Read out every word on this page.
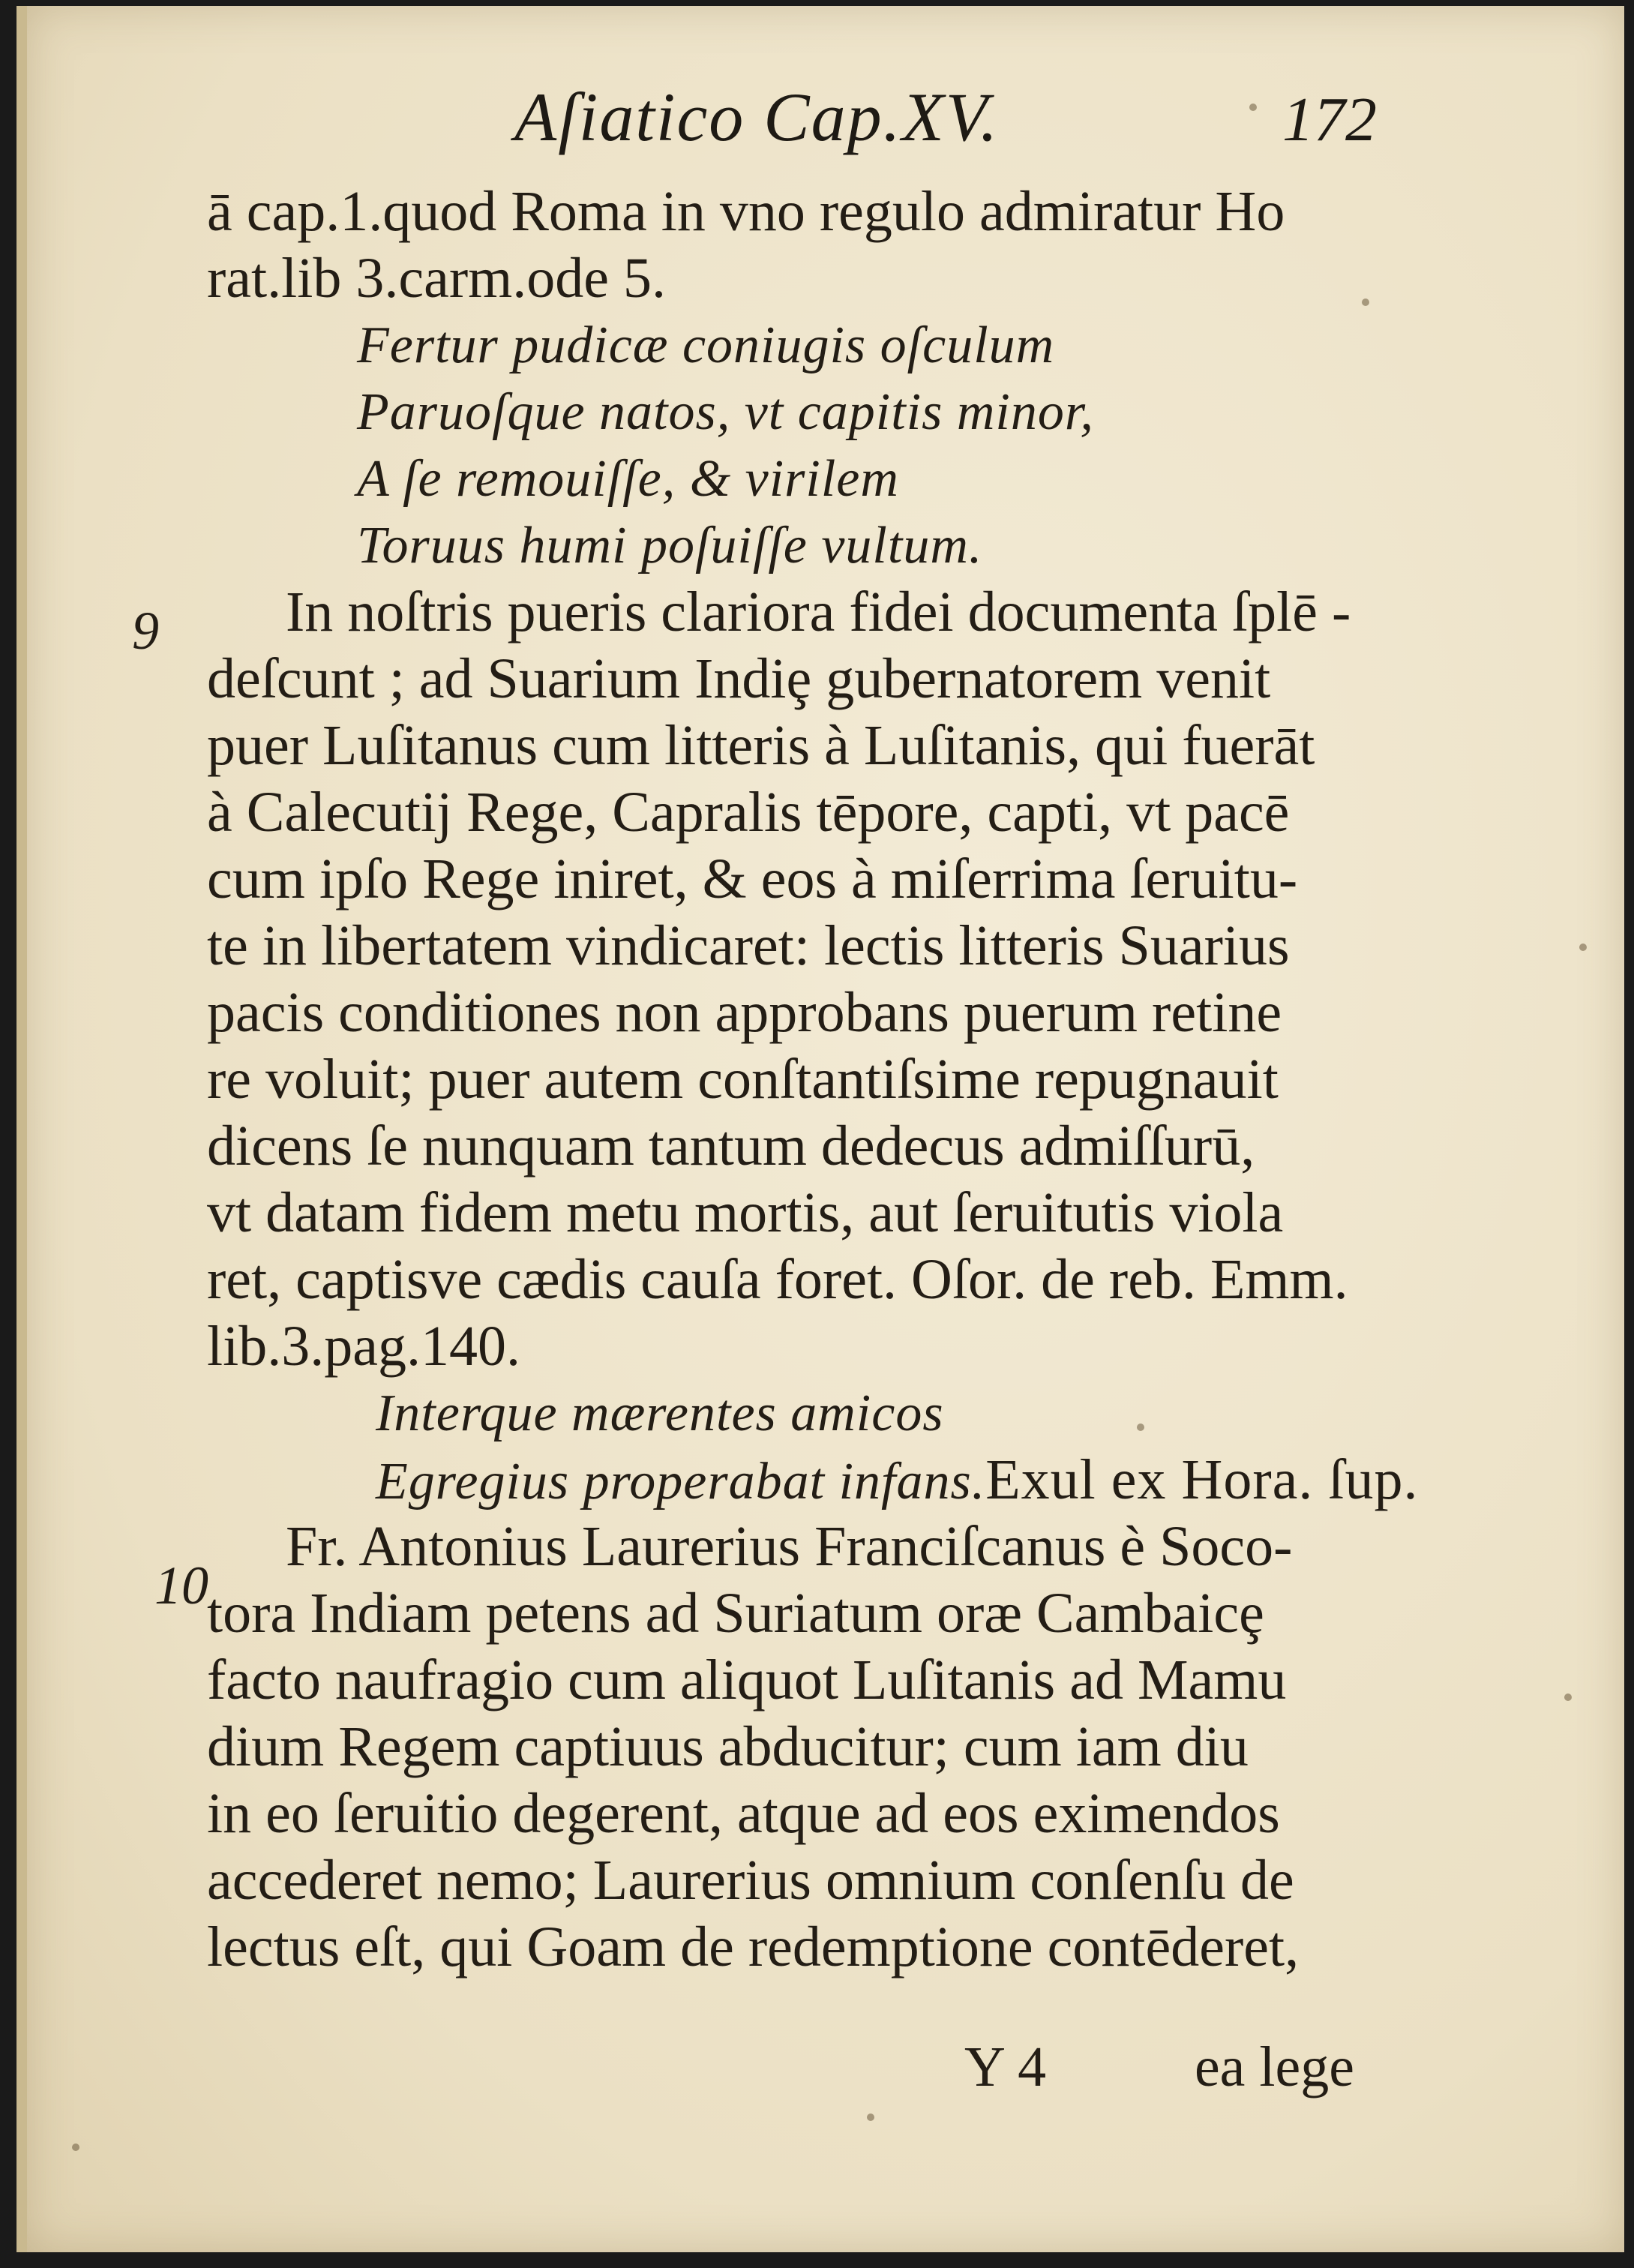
Aſiatico Cap.XV.	172
9
10
ā cap.1.quod Roma in vno regulo admiratur Ho
rat.lib 3.carm.ode 5.
Fertur pudicæ coniugis oſculum
Paruoſque natos, vt capitis minor,
A ſe remouiſſe, & virilem
Toruus humi poſuiſſe vultum.
In noſtris pueris clariora fidei documenta ſplē -
deſcunt ; ad Suarium Indiȩ gubernatorem venit
puer Luſitanus cum litteris à Luſitanis, qui fuerāt
à Calecutij Rege, Capralis tēpore, capti, vt pacē
cum ipſo Rege iniret, & eos à miſerrima ſeruitu-
te in libertatem vindicaret: lectis litteris Suarius
pacis conditiones non approbans puerum retine
re voluit; puer autem conſtantiſsime repugnauit
dicens ſe nunquam tantum dedecus admiſſurū,
vt datam fidem metu mortis, aut ſeruitutis viola
ret, captisve cædis cauſa foret. Oſor. de reb. Emm.
lib.3.pag.140.
Interque mærentes amicos
Egregius properabat infans.Exul ex Hora. ſup.
Fr. Antonius Laurerius Franciſcanus è Soco-
tora Indiam petens ad Suriatum oræ Cambaicȩ
facto naufragio cum aliquot Luſitanis ad Mamu
dium Regem captiuus abducitur; cum iam diu
in eo ſeruitio degerent, atque ad eos eximendos
accederet nemo; Laurerius omnium conſenſu de
lectus eſt, qui Goam de redemptione contēderet,
Y 4	ea lege
